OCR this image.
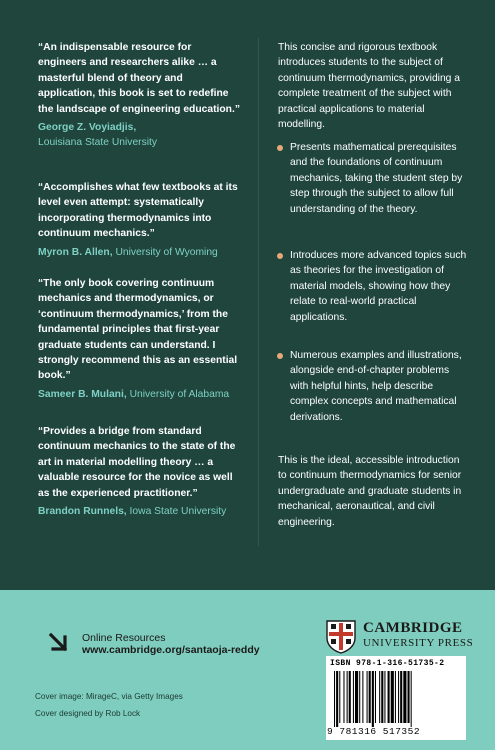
“An indispensable resource for engineers and researchers alike … a masterful blend of theory and application, this book is set to redefine the landscape of engineering education.”

George Z. Voyiadjis,
Louisiana State University

“Accomplishes what few textbooks at its level even attempt: systematically incorporating thermodynamics into continuum mechanics.”

Myron B. Allen, University of Wyoming

“The only book covering continuum mechanics and thermodynamics, or ‘continuum thermodynamics,’ from the fundamental principles that first-year graduate students can understand. I strongly recommend this as an essential book.”

Sameer B. Mulani, University of Alabama

“Provides a bridge from standard continuum mechanics to the state of the art in material modelling theory … a valuable resource for the novice as well as the experienced practitioner.”

Brandon Runnels, Iowa State University

This concise and rigorous textbook introduces students to the subject of continuum thermodynamics, providing a complete treatment of the subject with practical applications to material modelling.

Presents mathematical prerequisites and the foundations of continuum mechanics, taking the student step by step through the subject to allow full understanding of the theory.

Introduces more advanced topics such as theories for the investigation of material models, showing how they relate to real-world practical applications.

Numerous examples and illustrations, alongside end-of-chapter problems with helpful hints, help describe complex concepts and mathematical derivations.

This is the ideal, accessible introduction to continuum thermodynamics for senior undergraduate and graduate students in mechanical, aeronautical, and civil engineering.

Online Resources
www.cambridge.org/santaoja-reddy
CAMBRIDGE
UNIVERSITY PRESS
Cover image: MirageC, via Getty Images
Cover designed by Rob Lock
ISBN 978-1-316-51735-2
9 781316 517352
